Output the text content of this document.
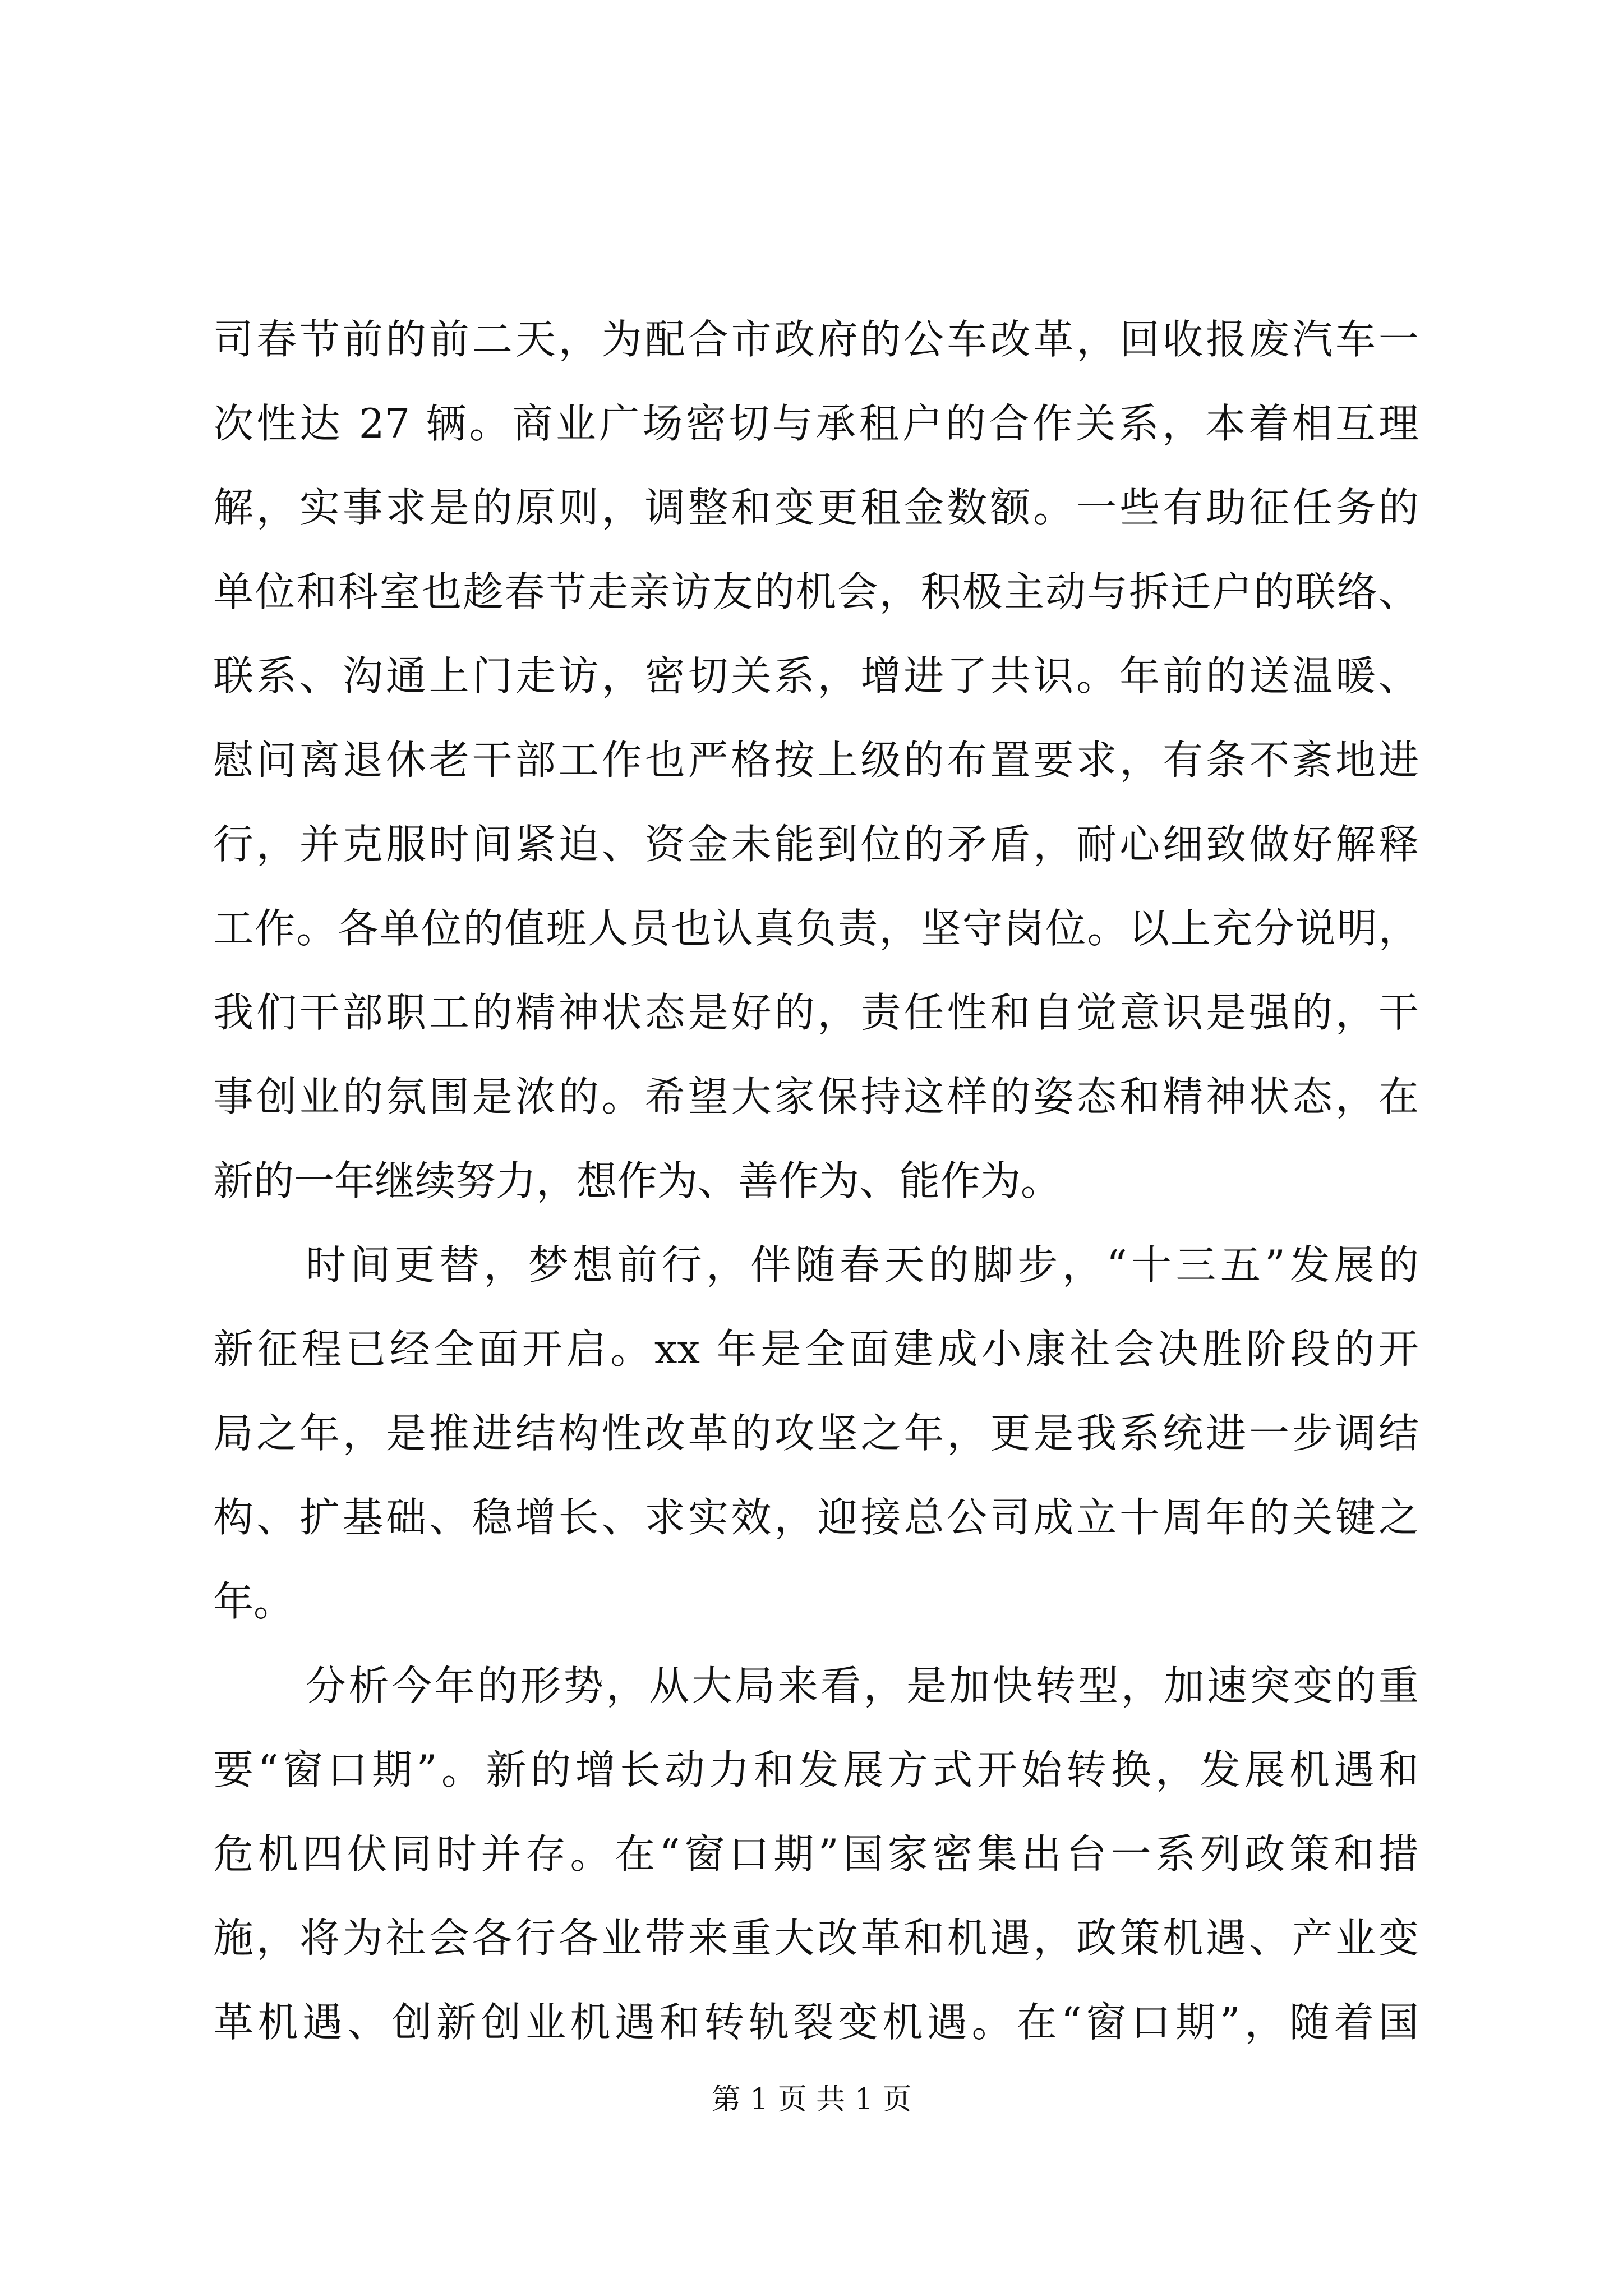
司春节前的前二天，为配合市政府的公车改革，回收报废汽车一
次性达 27 辆。商业广场密切与承租户的合作关系，本着相互理
解，实事求是的原则，调整和变更租金数额。一些有助征任务的
单位和科室也趁春节走亲访友的机会，积极主动与拆迁户的联络、
联系、沟通上门走访，密切关系，增进了共识。年前的送温暖、
慰问离退休老干部工作也严格按上级的布置要求，有条不紊地进
行，并克服时间紧迫、资金未能到位的矛盾，耐心细致做好解释
工作。各单位的值班人员也认真负责，坚守岗位。以上充分说明，
我们干部职工的精神状态是好的，责任性和自觉意识是强的，干
事创业的氛围是浓的。希望大家保持这样的姿态和精神状态，在
新的一年继续努力，想作为、善作为、能作为。
时间更替，梦想前行，伴随春天的脚步，“十三五”发展的
新征程已经全面开启。xx 年是全面建成小康社会决胜阶段的开
局之年，是推进结构性改革的攻坚之年，更是我系统进一步调结
构、扩基础、稳增长、求实效，迎接总公司成立十周年的关键之
年。
分析今年的形势，从大局来看，是加快转型，加速突变的重
要“窗口期”。新的增长动力和发展方式开始转换，发展机遇和
危机四伏同时并存。在“窗口期”国家密集出台一系列政策和措
施，将为社会各行各业带来重大改革和机遇，政策机遇、产业变
革机遇、创新创业机遇和转轨裂变机遇。在“窗口期”，随着国
第 1 页 共 1 页
